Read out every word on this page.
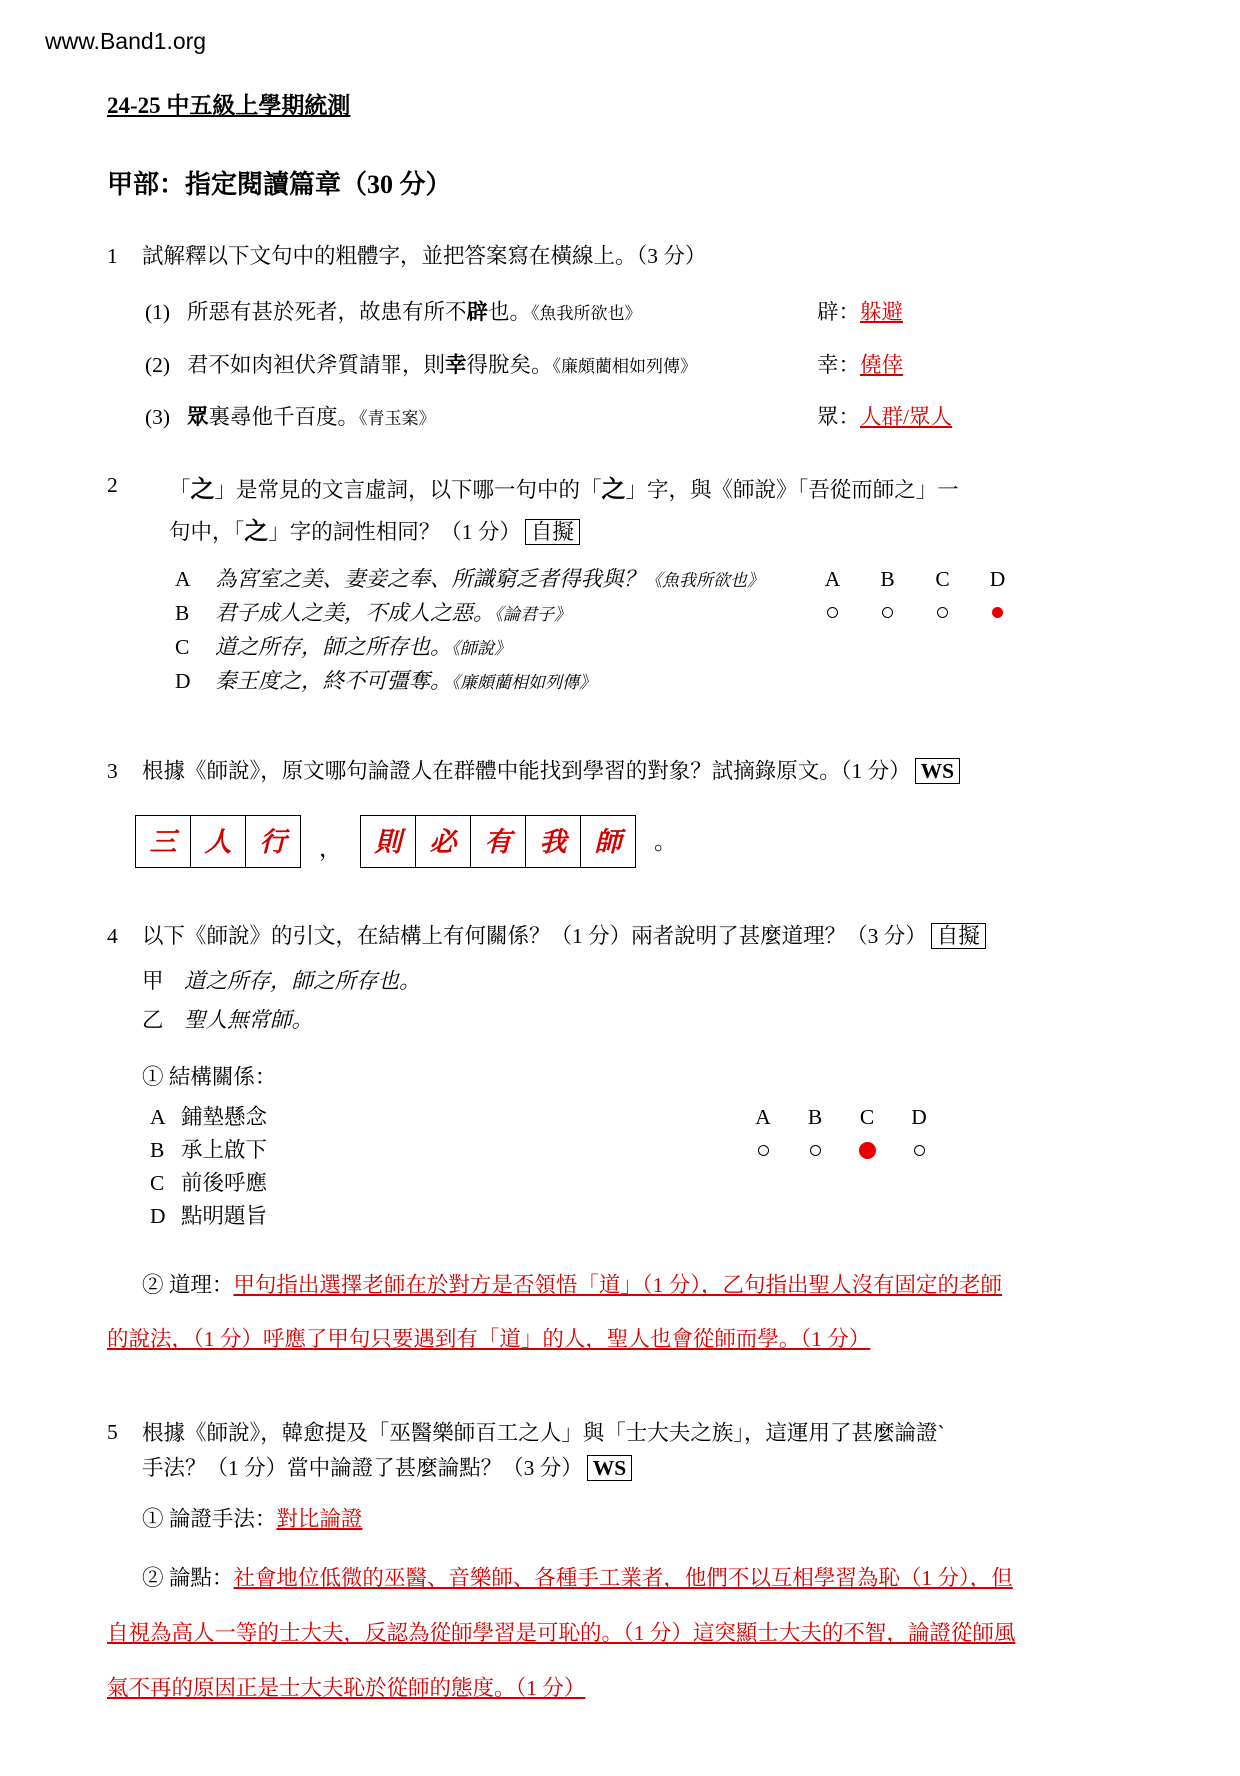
www.Band1.org
24-25 中五級上學期統測
甲部：指定閱讀篇章（30 分）
1	試解釋以下文句中的粗體字，並把答案寫在橫線上。（3 分）
(1) 所惡有甚於死者，故患有所不辟也。《魚我所欲也》	辟：躲避
(2) 君不如肉袒伏斧質請罪，則幸得脫矣。《廉頗藺相如列傳》	幸：僥倖
(3) 眾裏尋他千百度。《青玉案》	眾：人群/眾人
2	「之」是常見的文言虛詞，以下哪一句中的「之」字，與《師說》「吾從而師之」一
句中，「之」字的詞性相同？（1 分） 自擬
A 為宮室之美、妻妾之奉、所識窮乏者得我與？《魚我所欲也》
B 君子成人之美，不成人之惡。《論君子》
C 道之所存，師之所存也。《師說》
D 秦王度之，終不可彊奪。《廉頗藺相如列傳》
A B C D
3	根據《師說》，原文哪句論證人在群體中能找到學習的對象？試摘錄原文。（1 分） WS
三	人	行	，	則	必	有	我	師	。
4	以下《師說》的引文，在結構上有何關係？（1 分）兩者說明了甚麼道理？（3 分） 自擬
甲 道之所存，師之所存也。
乙 聖人無常師。
① 結構關係：
A 鋪墊懸念
B 承上啟下
C 前後呼應
D 點明題旨
A B C D
② 道理：甲句指出選擇老師在於對方是否領悟「道」（1 分），乙句指出聖人沒有固定的老師的說法，（1 分）呼應了甲句只要遇到有「道」的人，聖人也會從師而學。（1 分）
5	根據《師說》，韓愈提及「巫醫樂師百工之人」與「士大夫之族」，這運用了甚麼論證`
手法？（1 分）當中論證了甚麼論點？（3 分） WS
① 論證手法：對比論證
② 論點：社會地位低微的巫醫、音樂師、各種手工業者，他們不以互相學習為恥（1 分），但自視為高人一等的士大夫，反認為從師學習是可恥的。（1 分）這突顯士大夫的不智，論證從師風氣不再的原因正是士大夫恥於從師的態度。（1 分）
